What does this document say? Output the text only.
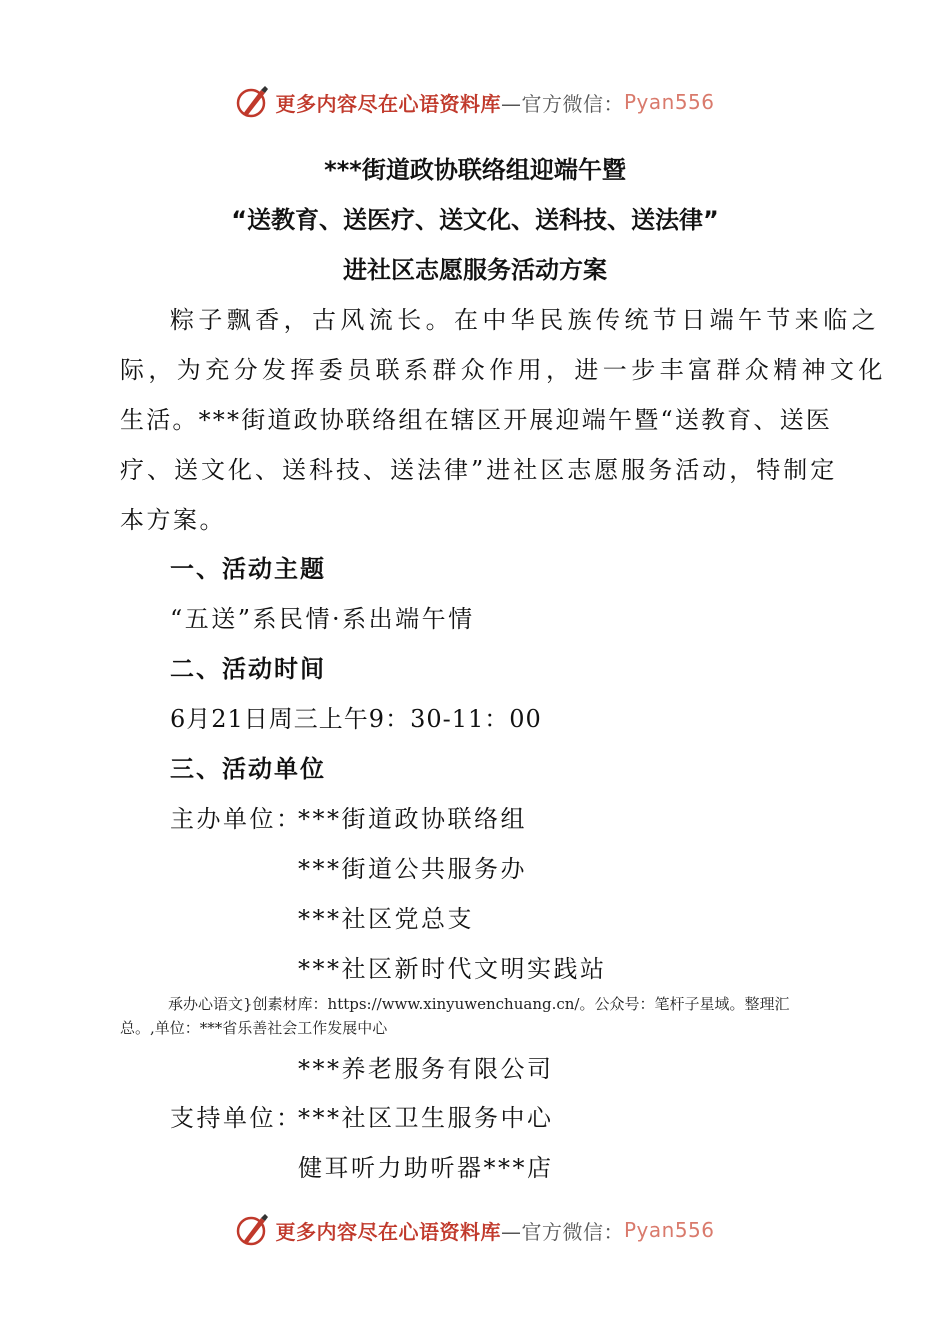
更多内容尽在心语资料库 —官方微信： Pyan556
***街道政协联络组迎端午暨
“送教育、送医疗、送文化、送科技、送法律”
进社区志愿服务活动方案
粽子飘香，古风流长。在中华民族传统节日端午节来临之
际，为充分发挥委员联系群众作用，进一步丰富群众精神文化
生活。***街道政协联络组在辖区开展迎端午暨“送教育、送医
疗、送文化、送科技、送法律”进社区志愿服务活动，特制定
本方案。
一、活动主题
“五送”系民情·系出端午情
二、活动时间
6月21日周三上午9：30-11：00
三、活动单位
主办单位：
***街道政协联络组
***街道公共服务办
***社区党总支
***社区新时代文明实践站
承办心语文}创素材库：https://www.xinyuwenchuang.cn/。公众号：笔杆子星域。整理汇
总。,单位：***省乐善社会工作发展中心
***养老服务有限公司
支持单位：
***社区卫生服务中心
健耳听力助听器***店
更多内容尽在心语资料库 —官方微信： Pyan556
